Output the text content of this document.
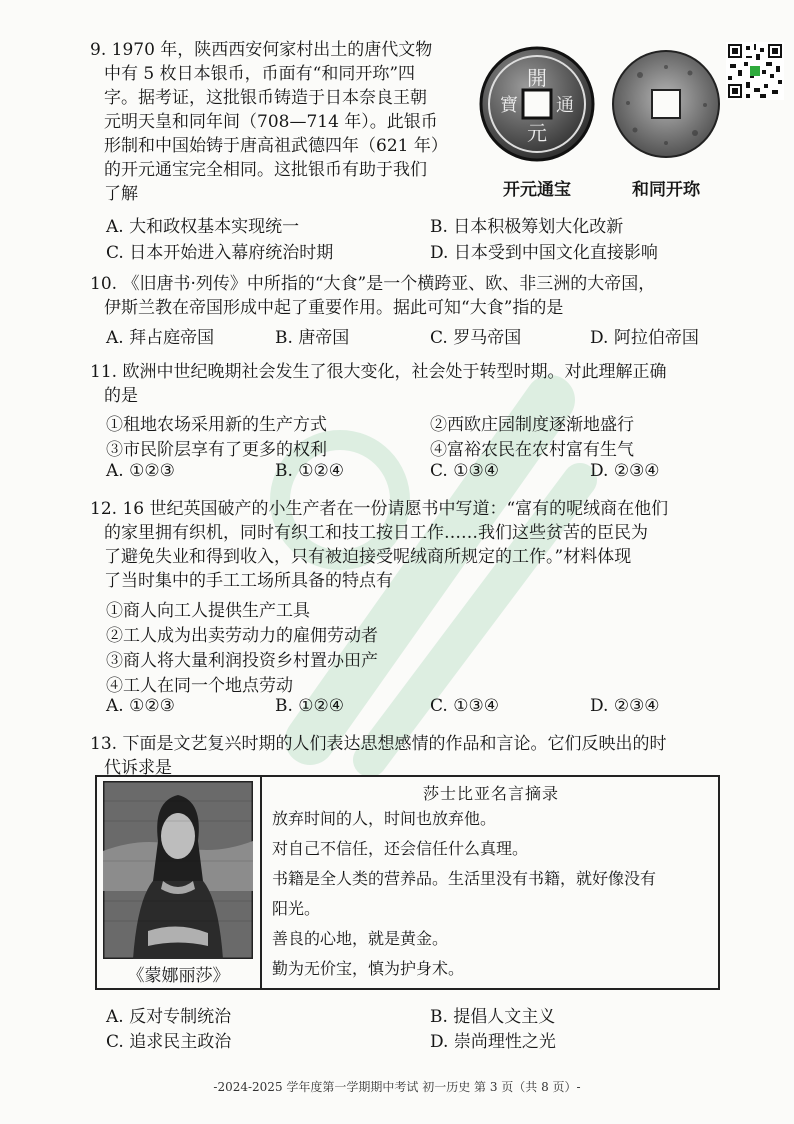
9. 1970 年，陕西西安何家村出土的唐代文物
中有 5 枚日本银币，币面有“和同开珎”四
字。据考证，这批银币铸造于日本奈良王朝
元明天皇和同年间（708—714 年）。此银币
形制和中国始铸于唐高祖武德四年（621 年）
的开元通宝完全相同。这批银币有助于我们
了解
開
元
寶 通
开元通宝	和同开珎
A. 大和政权基本实现统一	B. 日本积极筹划大化改新
C. 日本开始进入幕府统治时期	D. 日本受到中国文化直接影响
10. 《旧唐书·列传》中所指的“大食”是一个横跨亚、欧、非三洲的大帝国，
伊斯兰教在帝国形成中起了重要作用。据此可知“大食”指的是
A. 拜占庭帝国	B. 唐帝国	C. 罗马帝国	D. 阿拉伯帝国
11. 欧洲中世纪晚期社会发生了很大变化，社会处于转型时期。对此理解正确
的是
①租地农场采用新的生产方式	②西欧庄园制度逐渐地盛行
③市民阶层享有了更多的权利	④富裕农民在农村富有生气
A. ①②③	B. ①②④	C. ①③④	D. ②③④
12. 16 世纪英国破产的小生产者在一份请愿书中写道：“富有的呢绒商在他们
的家里拥有织机，同时有织工和技工按日工作……我们这些贫苦的臣民为
了避免失业和得到收入，只有被迫接受呢绒商所规定的工作。”材料体现
了当时集中的手工工场所具备的特点有
①商人向工人提供生产工具
②工人成为出卖劳动力的雇佣劳动者
③商人将大量利润投资乡村置办田产
④工人在同一个地点劳动
A. ①②③	B. ①②④	C. ①③④	D. ②③④
13. 下面是文艺复兴时期的人们表达思想感情的作品和言论。它们反映出的时
代诉求是
《蒙娜丽莎》
莎士比亚名言摘录
放弃时间的人，时间也放弃他。
对自己不信任，还会信任什么真理。
书籍是全人类的营养品。生活里没有书籍，就好像没有
阳光。
善良的心地，就是黄金。
勤为无价宝，慎为护身术。
A. 反对专制统治	B. 提倡人文主义
C. 追求民主政治	D. 崇尚理性之光
-2024-2025 学年度第一学期期中考试 初一历史 第 3 页（共 8 页）-
